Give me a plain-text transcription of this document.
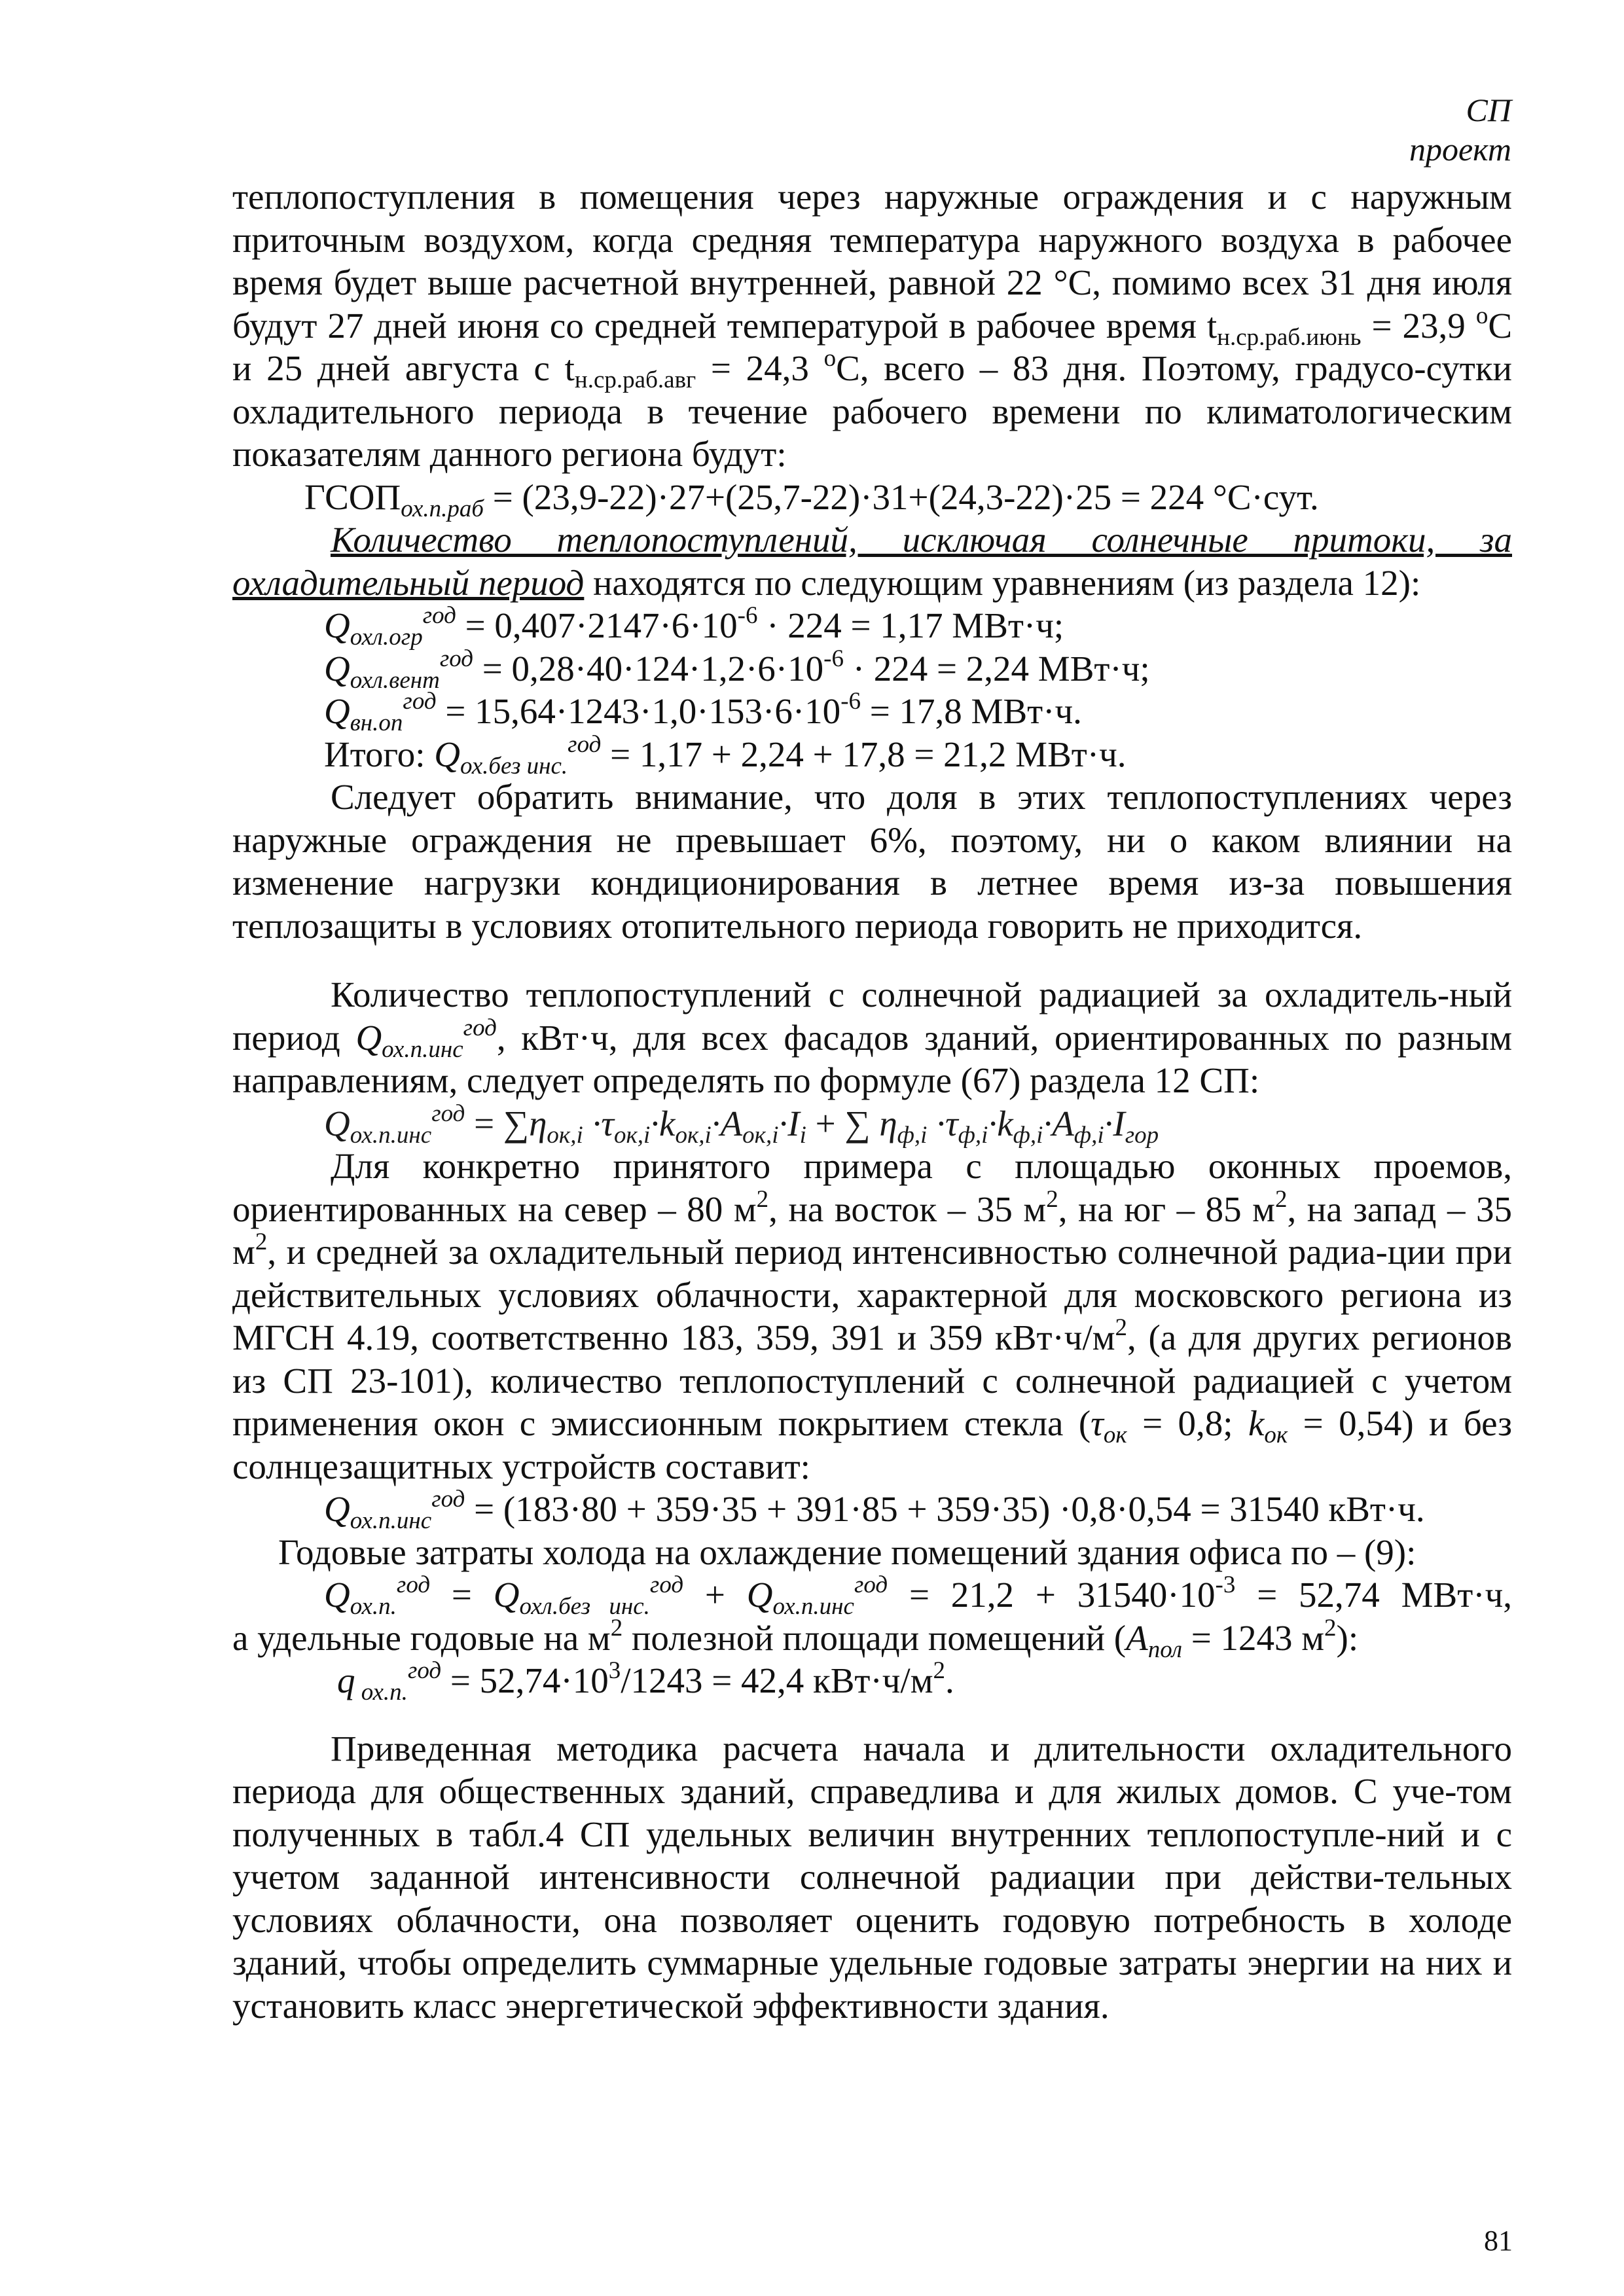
СП
проект

теплопоступления в помещения через наружные ограждения и с наружным приточным воздухом, когда средняя температура наружного воздуха в рабочее время будет выше расчетной внутренней, равной 22 °С, помимо всех 31 дня июля будут 27 дней июня со средней температурой в рабочее время $t_{н.ср.раб.июнь} = 23,9$ $^о$С и 25 дней августа с $t_{н.ср.раб.авг} = 24,3$ $^о$С, всего – 83 дня. Поэтому, градусо-сутки охладительного периода в течение рабочего времени по климатологическим показателям данного региона будут:

$ГСОП_{ох.п.раб} = (23,9-22)\cdot 27+(25,7-22)\cdot 31+(24,3-22)\cdot 25 = 224$ °С·сут.

Количество теплопоступлений, исключая солнечные притоки, за охладительный период находятся по следующим уравнениям (из раздела 12):

$Q_{охл.огр}^{год} = 0,407\cdot 2147\cdot 6\cdot 10^{-6} \cdot 224 = 1,17$ МВт·ч;

$Q_{охл.вент}^{год} = 0,28\cdot 40\cdot 124\cdot 1,2\cdot 6\cdot 10^{-6} \cdot 224 = 2,24$ МВт·ч;

$Q_{вн.оп}^{год} = 15,64\cdot 1243\cdot 1,0\cdot 153\cdot 6\cdot 10^{-6} = 17,8$ МВт·ч.

Итого: $Q_{ох.без инс.}^{год} = 1,17 + 2,24 + 17,8 = 21,2$ МВт·ч.

Следует обратить внимание, что доля в этих теплопоступлениях через наружные ограждения не превышает 6%, поэтому, ни о каком влиянии на изменение нагрузки кондиционирования в летнее время из-за повышения теплозащиты в условиях отопительного периода говорить не приходится.

Количество теплопоступлений с солнечной радиацией за охладитель-ный период $Q_{ох.п.инс}^{год}$, кВт·ч, для всех фасадов зданий, ориентированных по разным направлениям, следует определять по формуле (67) раздела 12 СП:

$Q_{ох.п.инс}^{год} = \sum\eta_{ок,i} \cdot\tau_{ок,i}\cdot k_{ок,i}\cdot A_{ок,i}\cdot I_i$ + ∑ $\eta_{ф,i} \cdot\tau_{ф,i}\cdot k_{ф,i}\cdot A_{ф,i}\cdot I_{гор}$

Для конкретно принятого примера с площадью оконных проемов, ориентированных на север – 80 $м^2$, на восток – 35 $м^2$, на юг – 85 $м^2$, на запад – 35 $м^2$, и средней за охладительный период интенсивностью солнечной радиа-ции при действительных условиях облачности, характерной для московского региона из МГСН 4.19, соответственно 183, 359, 391 и 359 $кВт\cdot ч/м^2$, (а для других регионов из СП 23-101), количество теплопоступлений с солнечной радиацией с учетом применения окон с эмиссионным покрытием стекла ($\tau_{ок} = 0,8$; $k_{ок} = 0,54$) и без солнцезащитных устройств составит:

$Q_{ох.п.инс}^{год} = (183\cdot 80 + 359\cdot 35 + 391\cdot 85 + 359\cdot 35) \cdot 0,8\cdot 0,54 = 31540$ кВт·ч.

Годовые затраты холода на охлаждение помещений здания офиса по – (9):

$Q_{ох.п.}^{год} = Q_{охл.без инс.}^{год} + Q_{ох.п.инс}^{год} = 21,2 + 31540\cdot 10^{-3} = 52,74$ МВт·ч,

а удельные годовые на $м^2$ полезной площади помещений ($A_{пол} = 1243$ $м^2$):

q $_{ох.п.}^{год} = 52,74\cdot 10^3/1243 = 42,4$ $кВт\cdot ч/м^2$.

Приведенная методика расчета начала и длительности охладительного периода для общественных зданий, справедлива и для жилых домов. С уче-том полученных в табл.4 СП удельных величин внутренних теплопоступле-ний и с учетом заданной интенсивности солнечной радиации при действи-тельных условиях облачности, она позволяет оценить годовую потребность в холоде зданий, чтобы определить суммарные удельные годовые затраты энергии на них и установить класс энергетической эффективности здания.

81
